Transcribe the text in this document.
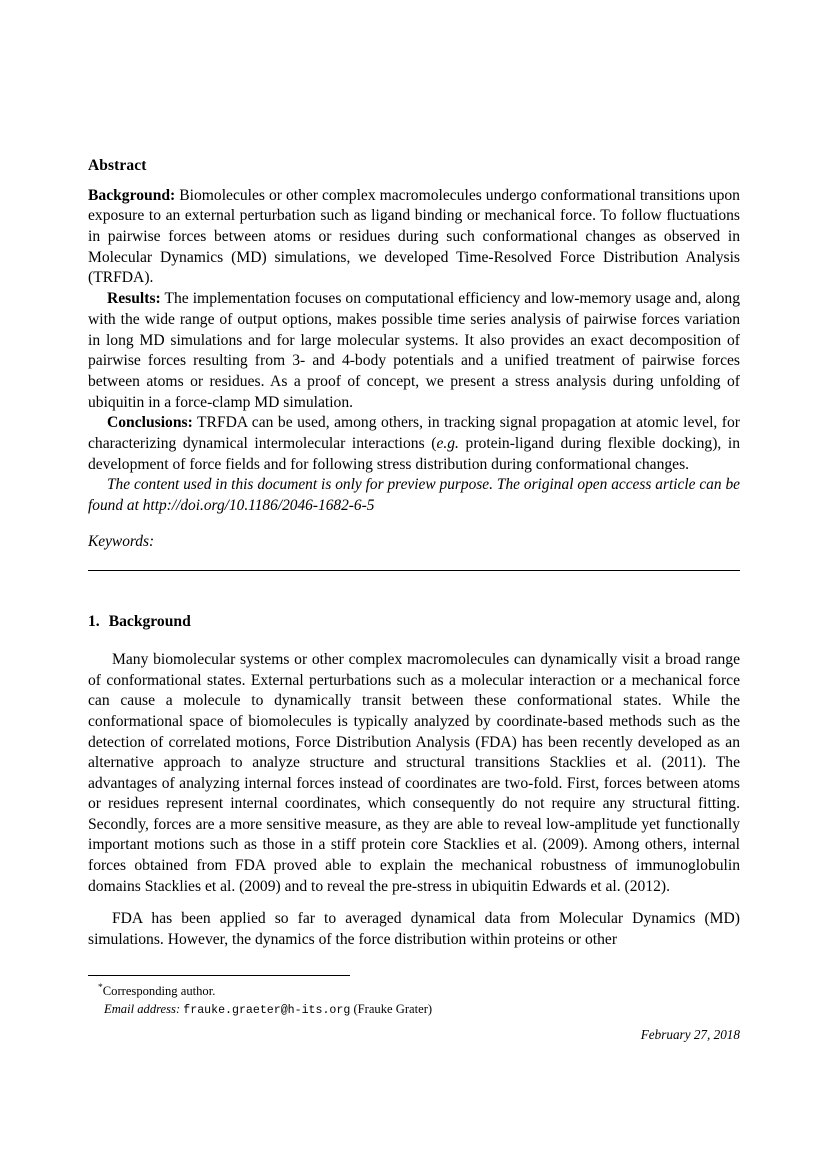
Abstract

Background: Biomolecules or other complex macromolecules undergo conformational transitions upon exposure to an external perturbation such as ligand binding or mechanical force. To follow fluctuations in pairwise forces between atoms or residues during such conformational changes as observed in Molecular Dynamics (MD) simulations, we developed Time-Resolved Force Distribution Analysis (TRFDA).

Results: The implementation focuses on computational efficiency and low-memory usage and, along with the wide range of output options, makes possible time series analysis of pairwise forces variation in long MD simulations and for large molecular systems. It also provides an exact decomposition of pairwise forces resulting from 3- and 4-body potentials and a unified treatment of pairwise forces between atoms or residues. As a proof of concept, we present a stress analysis during unfolding of ubiquitin in a force-clamp MD simulation.

Conclusions: TRFDA can be used, among others, in tracking signal propagation at atomic level, for characterizing dynamical intermolecular interactions (e.g. protein-ligand during flexible docking), in development of force fields and for following stress distribution during conformational changes.

The content used in this document is only for preview purpose. The original open access article can be found at http://doi.org/10.1186/2046-1682-6-5

Keywords:

1. Background

Many biomolecular systems or other complex macromolecules can dynamically visit a broad range of conformational states. External perturbations such as a molecular interaction or a mechanical force can cause a molecule to dynamically transit between these conformational states. While the conformational space of biomolecules is typically analyzed by coordinate-based methods such as the detection of correlated motions, Force Distribution Analysis (FDA) has been recently developed as an alternative approach to analyze structure and structural transitions Stacklies et al. (2011). The advantages of analyzing internal forces instead of coordinates are two-fold. First, forces between atoms or residues represent internal coordinates, which consequently do not require any structural fitting. Secondly, forces are a more sensitive measure, as they are able to reveal low-amplitude yet functionally important motions such as those in a stiff protein core Stacklies et al. (2009). Among others, internal forces obtained from FDA proved able to explain the mechanical robustness of immunoglobulin domains Stacklies et al. (2009) and to reveal the pre-stress in ubiquitin Edwards et al. (2012).

FDA has been applied so far to averaged dynamical data from Molecular Dynamics (MD) simulations. However, the dynamics of the force distribution within proteins or other

*Corresponding author.

Email address: frauke.graeter@h-its.org (Frauke Grater)

February 27, 2018
